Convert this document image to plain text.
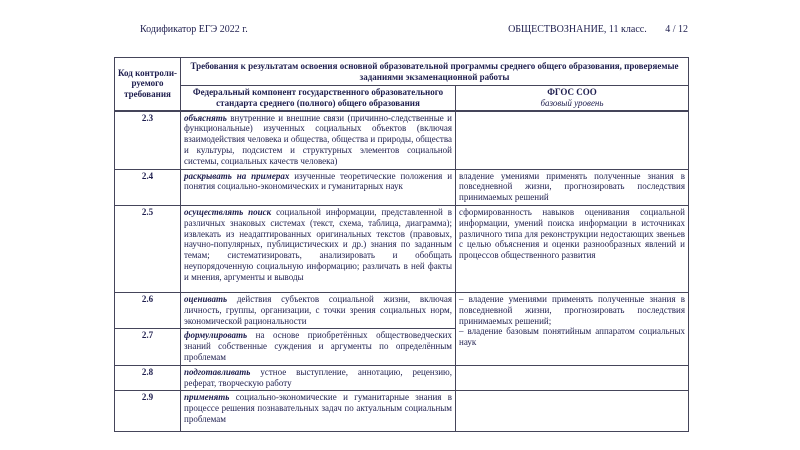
Кодификатор ЕГЭ 2022 г.	ОБЩЕСТВОЗНАНИЕ, 11 класс. 4 / 12
Код контроли-руемого требования	Требования к результатам освоения основной образовательной программы среднего общего образования, проверяемые заданиями экзаменационной работы	
	Федеральный компонент государственного образовательного стандарта среднего (полного) общего образования	ФГОС СОО
базовый уровень

2.3	объяснять внутренние и внешние связи (причинно-следственные и функциональные) изученных социальных объектов (включая взаимодействия человека и общества, общества и природы, общества и культуры, подсистем и структурных элементов социальной системы, социальных качеств человека)	
2.4	раскрывать на примерах изученные теоретические положения и понятия социально-экономических и гуманитарных наук	владение умениями применять полученные знания в повседневной жизни, прогнозировать последствия принимаемых решений
2.5	осуществлять поиск социальной информации, представленной в различных знаковых системах (текст, схема, таблица, диаграмма); извлекать из неадаптированных оригинальных текстов (правовых, научно-популярных, публицистических и др.) знания по заданным темам; систематизировать, анализировать и обобщать неупорядоченную социальную информацию; различать в ней факты и мнения, аргументы и выводы	сформированность навыков оценивания социальной информации, умений поиска информации в источниках различного типа для реконструкции недостающих звеньев с целью объяснения и оценки разнообразных явлений и процессов общественного развития
2.6	оценивать действия субъектов социальной жизни, включая личность, группы, организации, с точки зрения социальных норм, экономической рациональности	– владение умениями применять полученные знания в повседневной жизни, прогнозировать последствия принимаемых решений;

– владение базовым понятийным аппаратом социальных наук

2.7	формулировать на основе приобретённых обществоведческих знаний собственные суждения и аргументы по определённым проблемам	
2.8	подготавливать устное выступление, аннотацию, рецензию, реферат, творческую работу	
2.9	применять социально-экономические и гуманитарные знания в процессе решения познавательных задач по актуальным социальным проблемам	
